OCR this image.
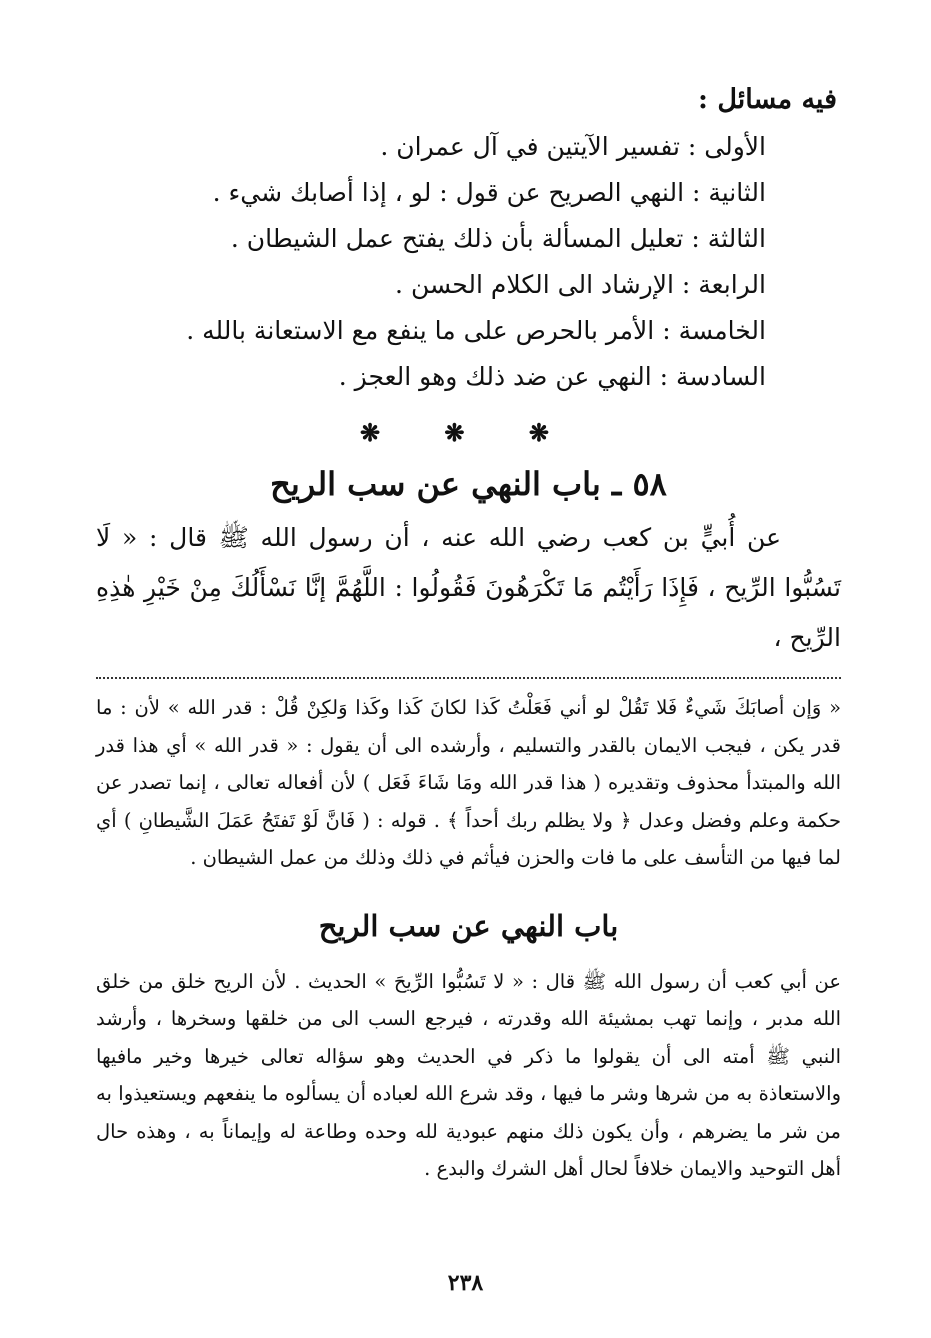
فيه مسائل :
الأولى : تفسير الآيتين في آل عمران .
الثانية : النهي الصريح عن قول : لو ، إذا أصابك شيء .
الثالثة : تعليل المسألة بأن ذلك يفتح عمل الشيطان .
الرابعة : الإرشاد الى الكلام الحسن .
الخامسة : الأمر بالحرص على ما ينفع مع الاستعانة بالله .
السادسة : النهي عن ضد ذلك وهو العجز .
❋ ❋ ❋
٥٨ ـ باب النهي عن سب الريح

عن أُبيٍّ بن كعب رضي الله عنه ، أن رسول الله ﷺ قال : « لَا تَسُبُّوا الرِّيح ، فَإِذَا رَأَيْتُم مَا تَكْرَهُونَ فَقُولُوا : اللَّهُمَّ إنَّا نَسْأَلُكَ مِنْ خَيْرِ هٰذِهِ الرِّيح ،

« وَإن أصابَكَ شَيءٌ فَلا تَقُلْ لو أني فَعَلْتُ كَذا لكانَ كَذا وكَذا وَلكِنْ قُلْ : قدر الله » لأن : ما قدر يكن ، فيجب الايمان بالقدر والتسليم ، وأرشده الى أن يقول : « قدر الله » أي هذا قدر الله والمبتدأ محذوف وتقديره ( هذا قدر الله ومَا شَاءَ فَعَل ) لأن أفعاله تعالى ، إنما تصدر عن حكمة وعلم وفضل وعدل ﴿ ولا يظلم ربك أحداً ﴾ . قوله : ( فَانَّ لَوْ تَفتَحُ عَمَلَ الشَّيطانِ ) أي لما فيها من التأسف على ما فات والحزن فيأثم في ذلك وذلك من عمل الشيطان .

باب النهي عن سب الريح

عن أبي كعب أن رسول الله ﷺ قال : « لا تَسُبُّوا الرِّيحَ » الحديث . لأن الريح خلق من خلق الله مدبر ، وإنما تهب بمشيئة الله وقدرته ، فيرجع السب الى من خلقها وسخرها ، وأرشد النبي ﷺ أمته الى أن يقولوا ما ذكر في الحديث وهو سؤاله تعالى خيرها وخير مافيها والاستعاذة به من شرها وشر ما فيها ، وقد شرع الله لعباده أن يسألوه ما ينفعهم ويستعيذوا به من شر ما يضرهم ، وأن يكون ذلك منهم عبودية لله وحده وطاعة له وإيماناً به ، وهذه حال أهل التوحيد والايمان خلافاً لحال أهل الشرك والبدع .

٢٣٨
